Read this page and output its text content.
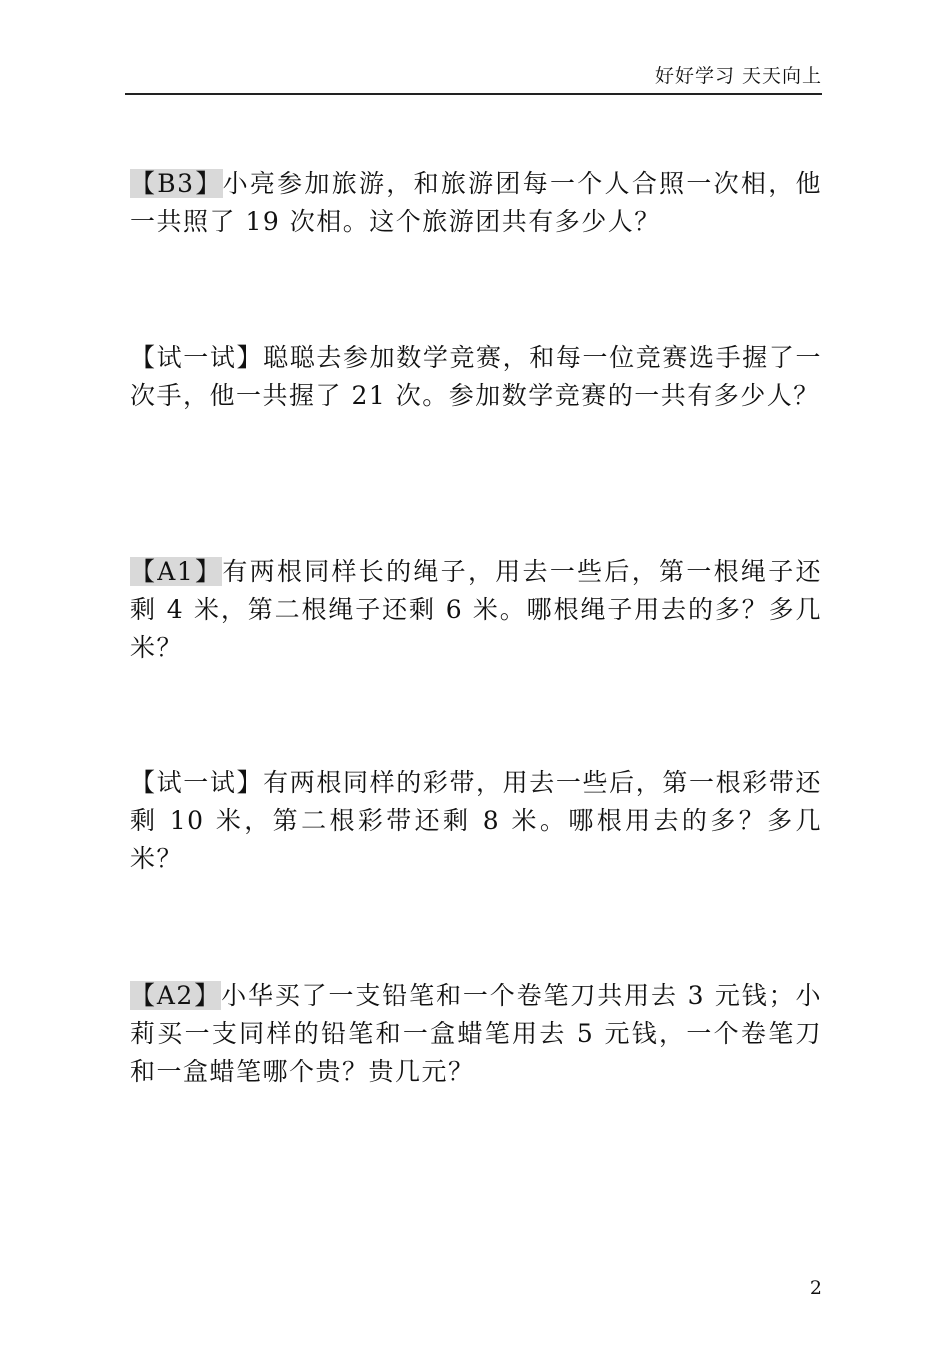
好好学习 天天向上
【B3】小亮参加旅游，和旅游团每一个人合照一次相，他一共照了 19 次相。这个旅游团共有多少人？
【试一试】聪聪去参加数学竞赛，和每一位竞赛选手握了一次手，他一共握了 21 次。参加数学竞赛的一共有多少人？
【A1】有两根同样长的绳子，用去一些后，第一根绳子还剩 4 米，第二根绳子还剩 6 米。哪根绳子用去的多？多几米？
【试一试】有两根同样的彩带，用去一些后，第一根彩带还剩 10 米，第二根彩带还剩 8 米。哪根用去的多？多几米？
【A2】小华买了一支铅笔和一个卷笔刀共用去 3 元钱；小莉买一支同样的铅笔和一盒蜡笔用去 5 元钱，一个卷笔刀和一盒蜡笔哪个贵？贵几元？
2
